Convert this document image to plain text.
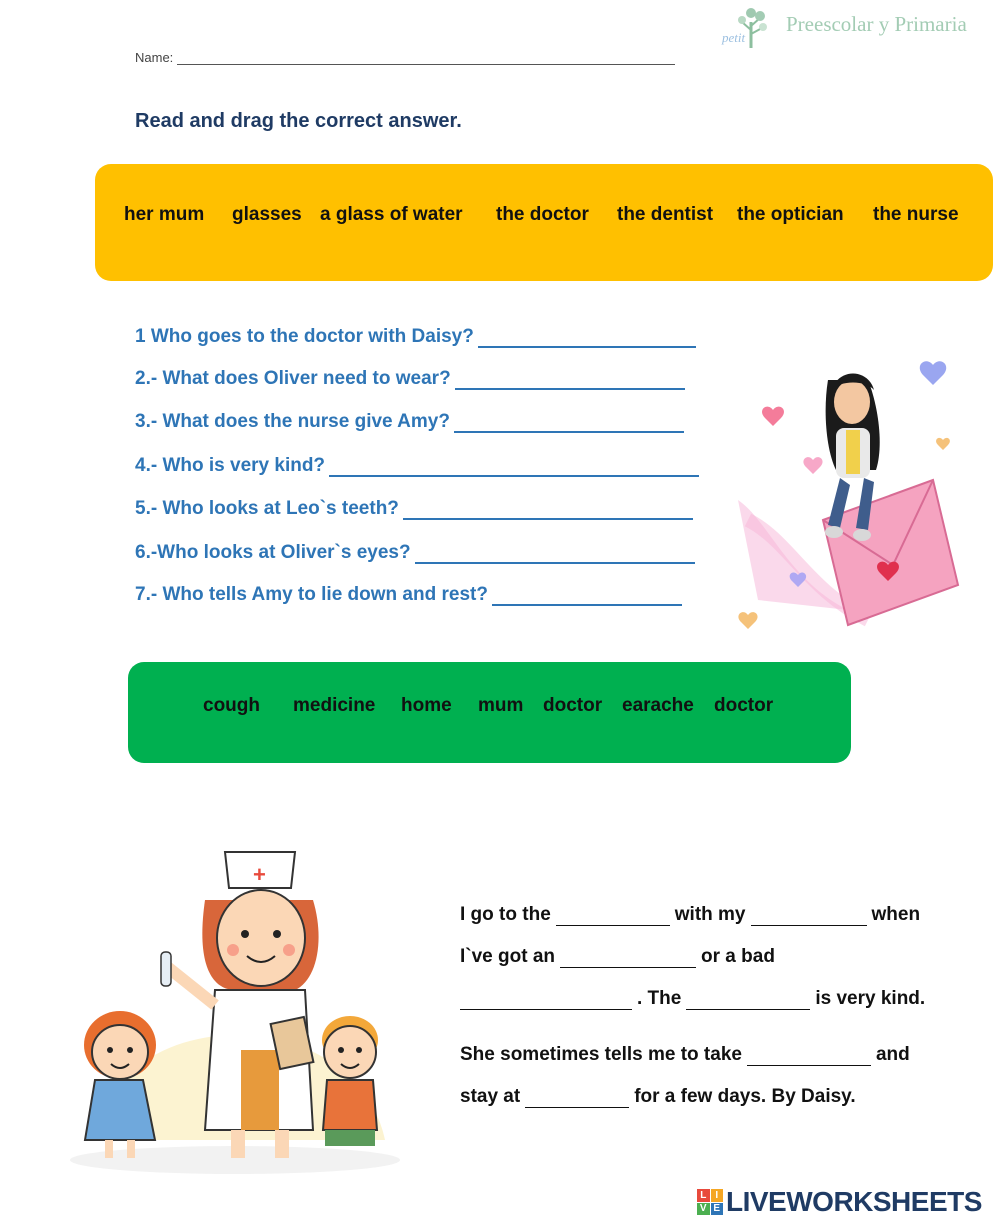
petit
Preescolar y Primaria
Name:
Read and drag the correct answer.
her mum glasses a glass of water the doctor the dentist the optician the nurse
1 Who goes to the doctor with Daisy?
2.- What does Oliver need to wear?
3.- What does the nurse give Amy?
4.- Who is very kind?
5.- Who looks at Leo`s teeth?
6.-Who looks at Oliver`s eyes?
7.- Who tells Amy to lie down and rest?
cough medicine home mum doctor earache doctor
+
I go to the	with my	when
I`ve got an	or a bad
. The	is very kind.
She sometimes tells me to take	and
stay at	for a few days. By Daisy.
L I
V E LIVEWORKSHEETS
